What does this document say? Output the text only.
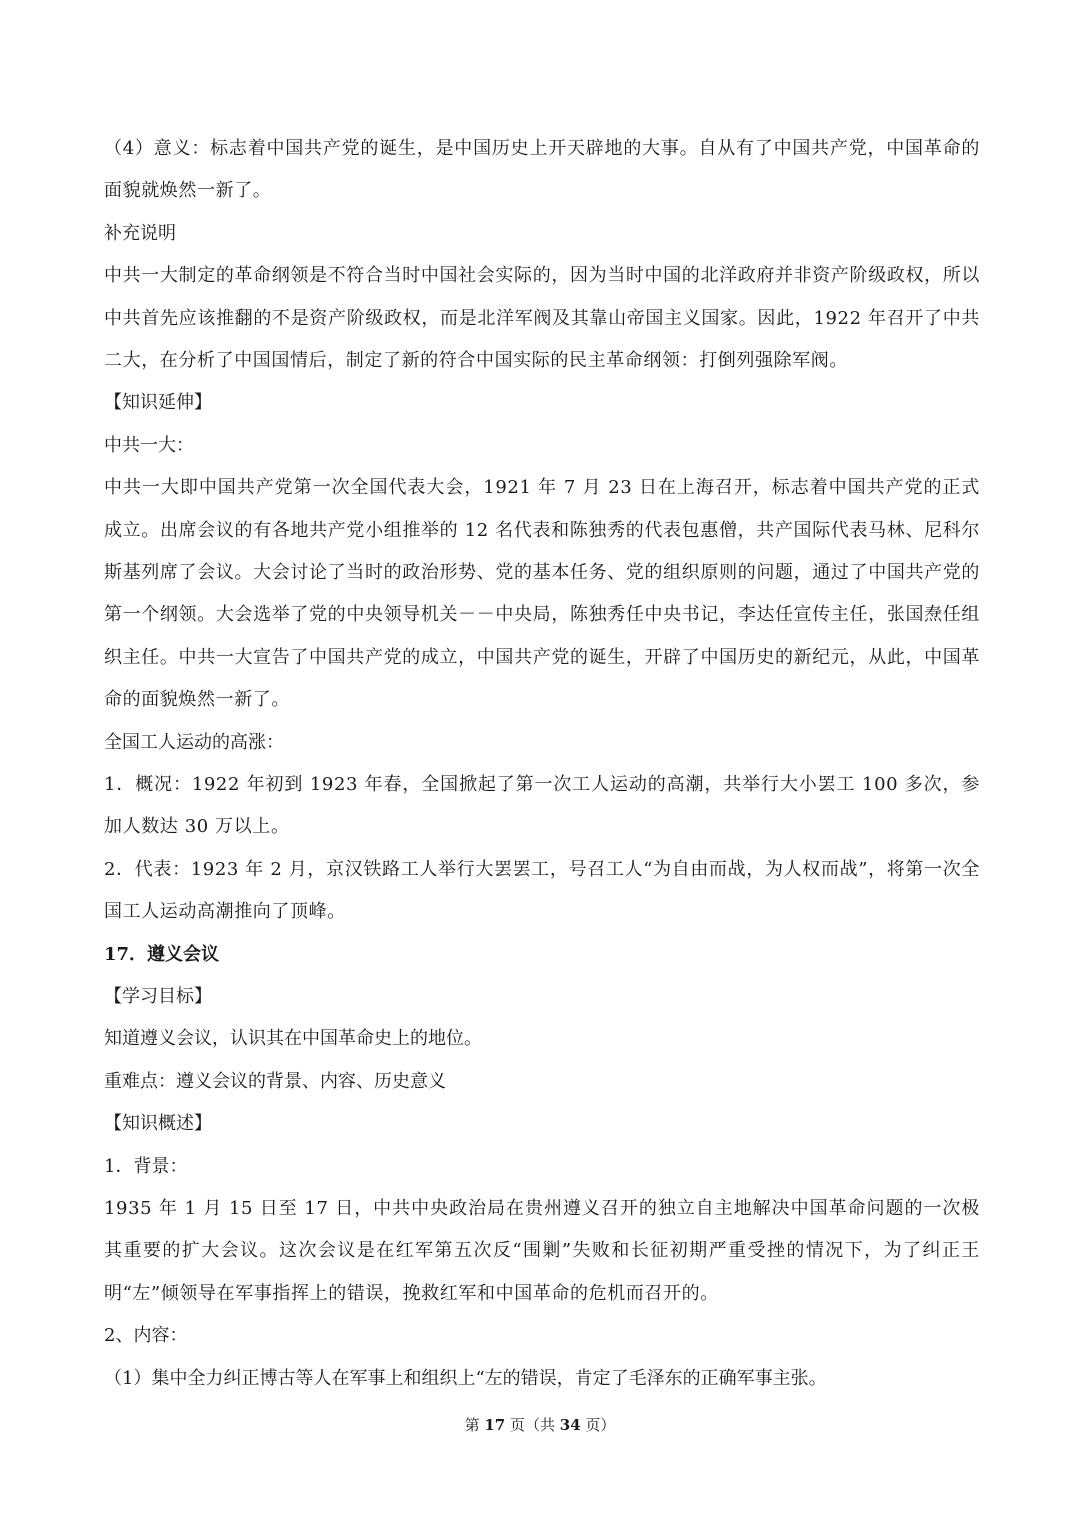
（4）意义：标志着中国共产党的诞生，是中国历史上开天辟地的大事。自从有了中国共产党，中国革命的面貌就焕然一新了。
补充说明
中共一大制定的革命纲领是不符合当时中国社会实际的，因为当时中国的北洋政府并非资产阶级政权，所以中共首先应该推翻的不是资产阶级政权，而是北洋军阀及其靠山帝国主义国家。因此，1922 年召开了中共二大，在分析了中国国情后，制定了新的符合中国实际的民主革命纲领：打倒列强除军阀。
【知识延伸】
中共一大：
中共一大即中国共产党第一次全国代表大会，1921 年 7 月 23 日在上海召开，标志着中国共产党的正式成立。出席会议的有各地共产党小组推举的 12 名代表和陈独秀的代表包惠僧，共产国际代表马林、尼科尔斯基列席了会议。大会讨论了当时的政治形势、党的基本任务、党的组织原则的问题，通过了中国共产党的第一个纲领。大会选举了党的中央领导机关－－中央局，陈独秀任中央书记，李达任宣传主任，张国焘任组织主任。中共一大宣告了中国共产党的成立，中国共产党的诞生，开辟了中国历史的新纪元，从此，中国革命的面貌焕然一新了。
全国工人运动的高涨：
1．概况：1922 年初到 1923 年春，全国掀起了第一次工人运动的高潮，共举行大小罢工 100 多次，参加人数达 30 万以上。
2．代表：1923 年 2 月，京汉铁路工人举行大罢罢工，号召工人“为自由而战，为人权而战”，将第一次全国工人运动高潮推向了顶峰。
17．遵义会议
【学习目标】
知道遵义会议，认识其在中国革命史上的地位。
重难点：遵义会议的背景、内容、历史意义
【知识概述】
1．背景：
1935 年 1 月 15 日至 17 日，中共中央政治局在贵州遵义召开的独立自主地解决中国革命问题的一次极其重要的扩大会议。这次会议是在红军第五次反“围剿”失败和长征初期严重受挫的情况下，为了纠正王明“左”倾领导在军事指挥上的错误，挽救红军和中国革命的危机而召开的。
2、内容：
（1）集中全力纠正博古等人在军事上和组织上“左的错误，肯定了毛泽东的正确军事主张。
第 17 页（共 34 页）
